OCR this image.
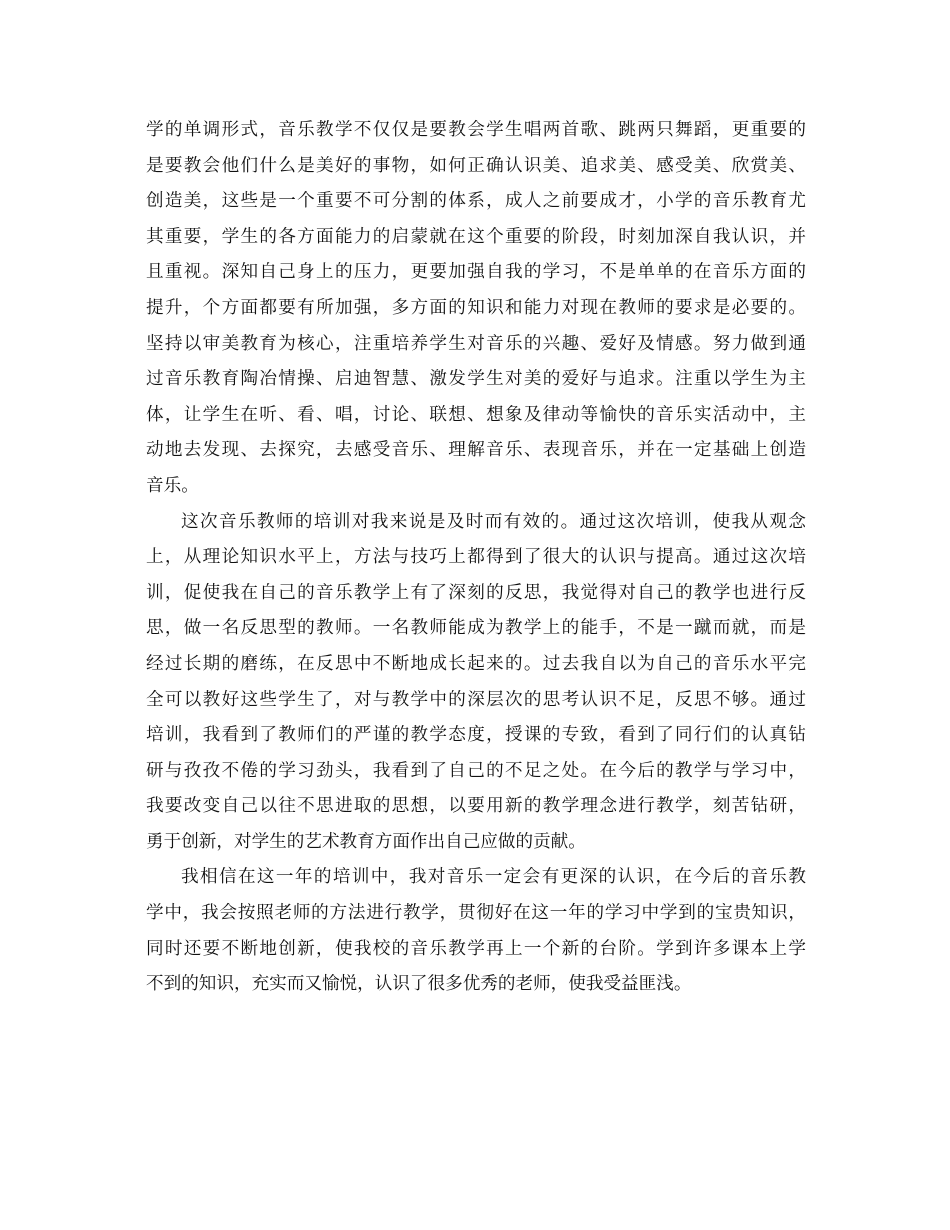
学的单调形式，音乐教学不仅仅是要教会学生唱两首歌、跳两只舞蹈，更重要的
是要教会他们什么是美好的事物，如何正确认识美、追求美、感受美、欣赏美、
创造美，这些是一个重要不可分割的体系，成人之前要成才，小学的音乐教育尤
其重要，学生的各方面能力的启蒙就在这个重要的阶段，时刻加深自我认识，并
且重视。深知自己身上的压力，更要加强自我的学习，不是单单的在音乐方面的
提升，个方面都要有所加强，多方面的知识和能力对现在教师的要求是必要的。
坚持以审美教育为核心，注重培养学生对音乐的兴趣、爱好及情感。努力做到通
过音乐教育陶冶情操、启迪智慧、激发学生对美的爱好与追求。注重以学生为主
体，让学生在听、看、唱，讨论、联想、想象及律动等愉快的音乐实活动中，主
动地去发现、去探究，去感受音乐、理解音乐、表现音乐，并在一定基础上创造
音乐。

这次音乐教师的培训对我来说是及时而有效的。通过这次培训，使我从观念
上，从理论知识水平上，方法与技巧上都得到了很大的认识与提高。通过这次培
训，促使我在自己的音乐教学上有了深刻的反思，我觉得对自己的教学也进行反
思，做一名反思型的教师。一名教师能成为教学上的能手，不是一蹴而就，而是
经过长期的磨练，在反思中不断地成长起来的。过去我自以为自己的音乐水平完
全可以教好这些学生了，对与教学中的深层次的思考认识不足，反思不够。通过
培训，我看到了教师们的严谨的教学态度，授课的专致，看到了同行们的认真钻
研与孜孜不倦的学习劲头，我看到了自己的不足之处。在今后的教学与学习中，
我要改变自己以往不思进取的思想，以要用新的教学理念进行教学，刻苦钻研，
勇于创新，对学生的艺术教育方面作出自己应做的贡献。

我相信在这一年的培训中，我对音乐一定会有更深的认识，在今后的音乐教
学中，我会按照老师的方法进行教学，贯彻好在这一年的学习中学到的宝贵知识，
同时还要不断地创新，使我校的音乐教学再上一个新的台阶。学到许多课本上学
不到的知识，充实而又愉悦，认识了很多优秀的老师，使我受益匪浅。
